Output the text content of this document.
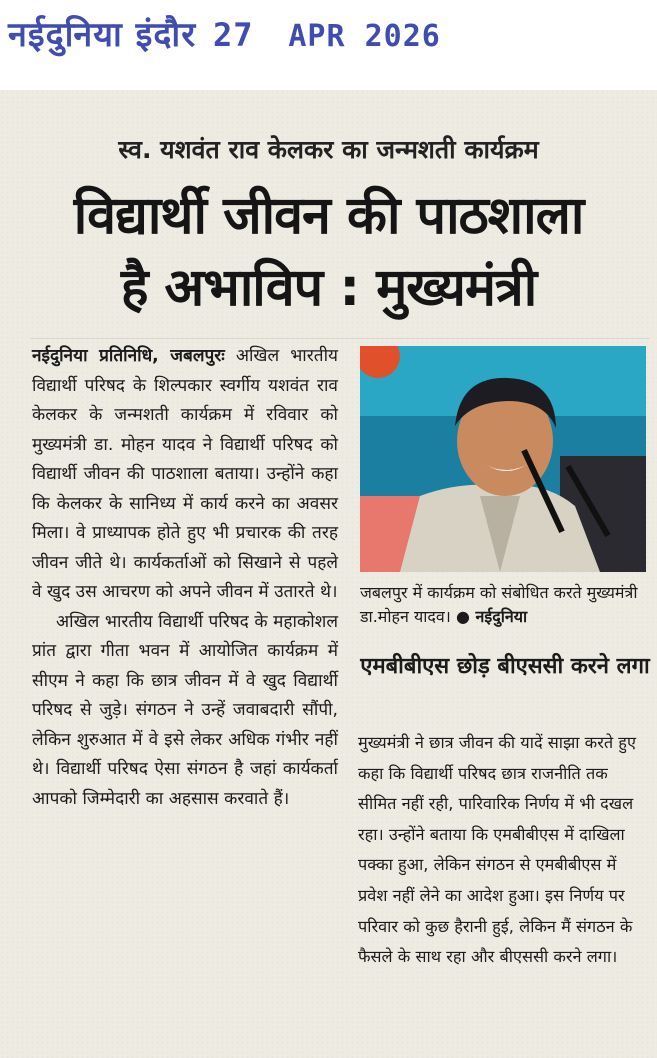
नईदुनिया इंदौर 27 APR 2026
स्व. यशवंत राव केलकर का जन्मशती कार्यक्रम
विद्यार्थी जीवन की पाठशाला
है अभाविप : मुख्यमंत्री

नईदुनिया प्रतिनिधि, जबलपुरः अखिल भारतीय विद्यार्थी परिषद के शिल्पकार स्वर्गीय यशवंत राव केलकर के जन्मशती कार्यक्रम में रविवार को मुख्यमंत्री डा. मोहन यादव ने विद्यार्थी परिषद को विद्यार्थी जीवन की पाठशाला बताया। उन्होंने कहा कि केलकर के सानिध्य में कार्य करने का अवसर मिला। वे प्राध्यापक होते हुए भी प्रचारक की तरह जीवन जीते थे। कार्यकर्ताओं को सिखाने से पहले वे खुद उस आचरण को अपने जीवन में उतारते थे।

अखिल भारतीय विद्यार्थी परिषद के महाकोशल प्रांत द्वारा गीता भवन में आयोजित कार्यक्रम में सीएम ने कहा कि छात्र जीवन में वे खुद विद्यार्थी परिषद से जुड़े। संगठन ने उन्हें जवाबदारी सौंपी, लेकिन शुरुआत में वे इसे लेकर अधिक गंभीर नहीं थे। विद्यार्थी परिषद ऐसा संगठन है जहां कार्यकर्ता आपको जिम्मेदारी का अहसास करवाते हैं।

जबलपुर में कार्यक्रम को संबोधित करते मुख्यमंत्री डा.मोहन यादव। ● नईदुनिया
एमबीबीएस छोड़ बीएससी करने लगा

मुख्यमंत्री ने छात्र जीवन की यादें साझा करते हुए कहा कि विद्यार्थी परिषद छात्र राजनीति तक सीमित नहीं रही, पारिवारिक निर्णय में भी दखल रहा। उन्होंने बताया कि एमबीबीएस में दाखिला पक्का हुआ, लेकिन संगठन से एमबीबीएस में प्रवेश नहीं लेने का आदेश हुआ। इस निर्णय पर परिवार को कुछ हैरानी हुई, लेकिन मैं संगठन के फैसले के साथ रहा और बीएससी करने लगा।
